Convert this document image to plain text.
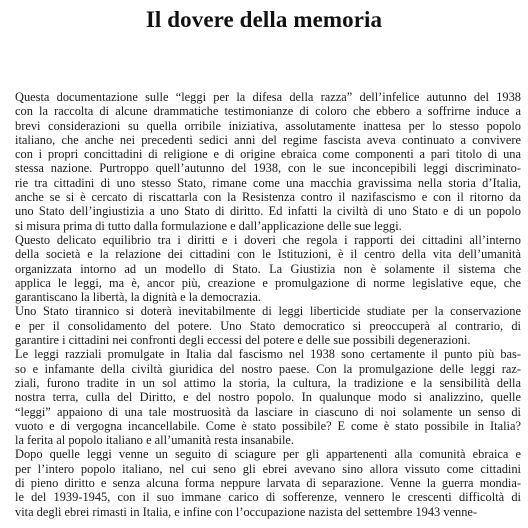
Il dovere della memoria
Questa documentazione sulle “leggi per la difesa della razza” dell’infelice autunno del 1938
con la raccolta di alcune drammatiche testimonianze di coloro che ebbero a soffrirne induce a
brevi considerazioni su quella orribile iniziativa, assolutamente inattesa per lo stesso popolo
italiano, che anche nei precedenti sedici anni del regime fascista aveva continuato a convivere
con i propri concittadini di religione e di origine ebraica come componenti a pari titolo di una
stessa nazione. Purtroppo quell’autunno del 1938, con le sue inconcepibili leggi discriminato-
rie tra cittadini di uno stesso Stato, rimane come una macchia gravissima nella storia d’Italia,
anche se si è cercato di riscattarla con la Resistenza contro il nazifascismo e con il ritorno da
uno Stato dell’ingiustizia a uno Stato di diritto. Ed infatti la civiltà di uno Stato e di un popolo
si misura prima di tutto dalla formulazione e dall’applicazione delle sue leggi.
Questo delicato equilibrio tra i diritti e i doveri che regola i rapporti dei cittadini all’interno
della società e la relazione dei cittadini con le Istituzioni, è il centro della vita dell’umanità
organizzata intorno ad un modello di Stato. La Giustizia non è solamente il sistema che
applica le leggi, ma è, ancor più, creazione e promulgazione di norme legislative eque, che
garantiscano la libertà, la dignità e la democrazia.
Uno Stato tirannico si doterà inevitabilmente di leggi liberticide studiate per la conservazione
e per il consolidamento del potere. Uno Stato democratico si preoccuperà al contrario, di
garantire i cittadini nei confronti degli eccessi del potere e delle sue possibili degenerazioni.
Le leggi razziali promulgate in Italia dal fascismo nel 1938 sono certamente il punto più bas-
so e infamante della civiltà giuridica del nostro paese. Con la promulgazione delle leggi raz-
ziali, furono tradite in un sol attimo la storia, la cultura, la tradizione e la sensibilità della
nostra terra, culla del Diritto, e del nostro popolo. In qualunque modo si analizzino, quelle
“leggi” appaiono di una tale mostruosità da lasciare in ciascuno di noi solamente un senso di
vuoto e di vergogna incancellabile. Come è stato possibile? E come è stato possibile in Italia?
la ferita al popolo italiano e all’umanità resta insanabile.
Dopo quelle leggi venne un seguito di sciagure per gli appartenenti alla comunità ebraica e
per l’intero popolo italiano, nel cui seno gli ebrei avevano sino allora vissuto come cittadini
di pieno diritto e senza alcuna forma neppure larvata di separazione. Venne la guerra mondia-
le del 1939-1945, con il suo immane carico di sofferenze, vennero le crescenti difficoltà di
vita degli ebrei rimasti in Italia, e infine con l’occupazione nazista del settembre 1943 venne-
